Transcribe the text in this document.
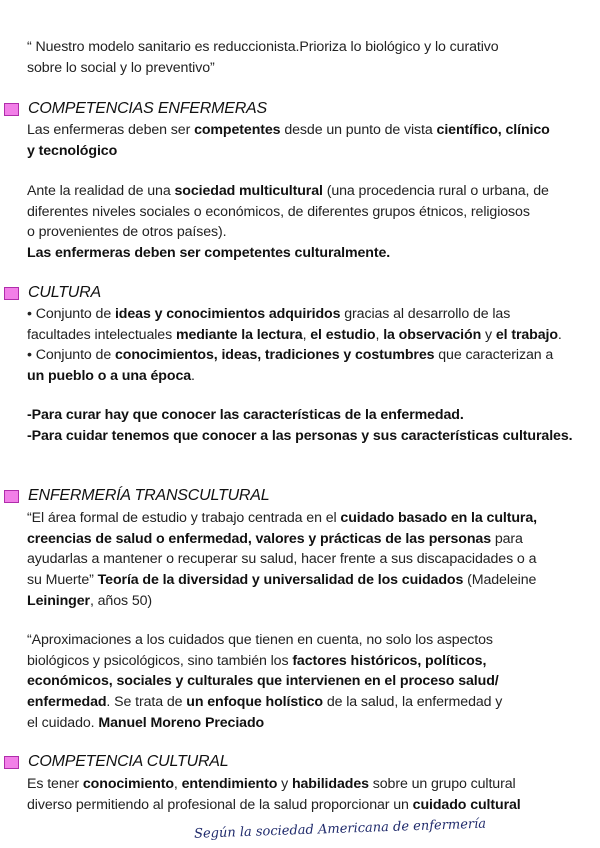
“ Nuestro modelo sanitario es reduccionista.Prioriza lo biológico y lo curativo
sobre lo social y lo preventivo”

COMPETENCIAS ENFERMERAS

Las enfermeras deben ser competentes desde un punto de vista científico, clínico
y tecnológico

Ante la realidad de una sociedad multicultural (una procedencia rural o urbana, de
diferentes niveles sociales o económicos, de diferentes grupos étnicos, religiosos
o provenientes de otros países).
Las enfermeras deben ser competentes culturalmente.

CULTURA

• Conjunto de ideas y conocimientos adquiridos gracias al desarrollo de las
facultades intelectuales mediante la lectura, el estudio, la observación y el trabajo.
• Conjunto de conocimientos, ideas, tradiciones y costumbres que caracterizan a
un pueblo o a una época.

-Para curar hay que conocer las características de la enfermedad.
-Para cuidar tenemos que conocer a las personas y sus características culturales.

ENFERMERÍA TRANSCULTURAL

“El área formal de estudio y trabajo centrada en el cuidado basado en la cultura,
creencias de salud o enfermedad, valores y prácticas de las personas para
ayudarlas a mantener o recuperar su salud, hacer frente a sus discapacidades o a
su Muerte” Teoría de la diversidad y universalidad de los cuidados (Madeleine
Leininger, años 50)

“Aproximaciones a los cuidados que tienen en cuenta, no solo los aspectos
biológicos y psicológicos, sino también los factores históricos, políticos,
económicos, sociales y culturales que intervienen en el proceso salud/
enfermedad. Se trata de un enfoque holístico de la salud, la enfermedad y
el cuidado. Manuel Moreno Preciado

COMPETENCIA CULTURAL

Es tener conocimiento, entendimiento y habilidades sobre un grupo cultural
diverso permitiendo al profesional de la salud proporcionar un cuidado cultural

Según la sociedad Americana de enfermería
